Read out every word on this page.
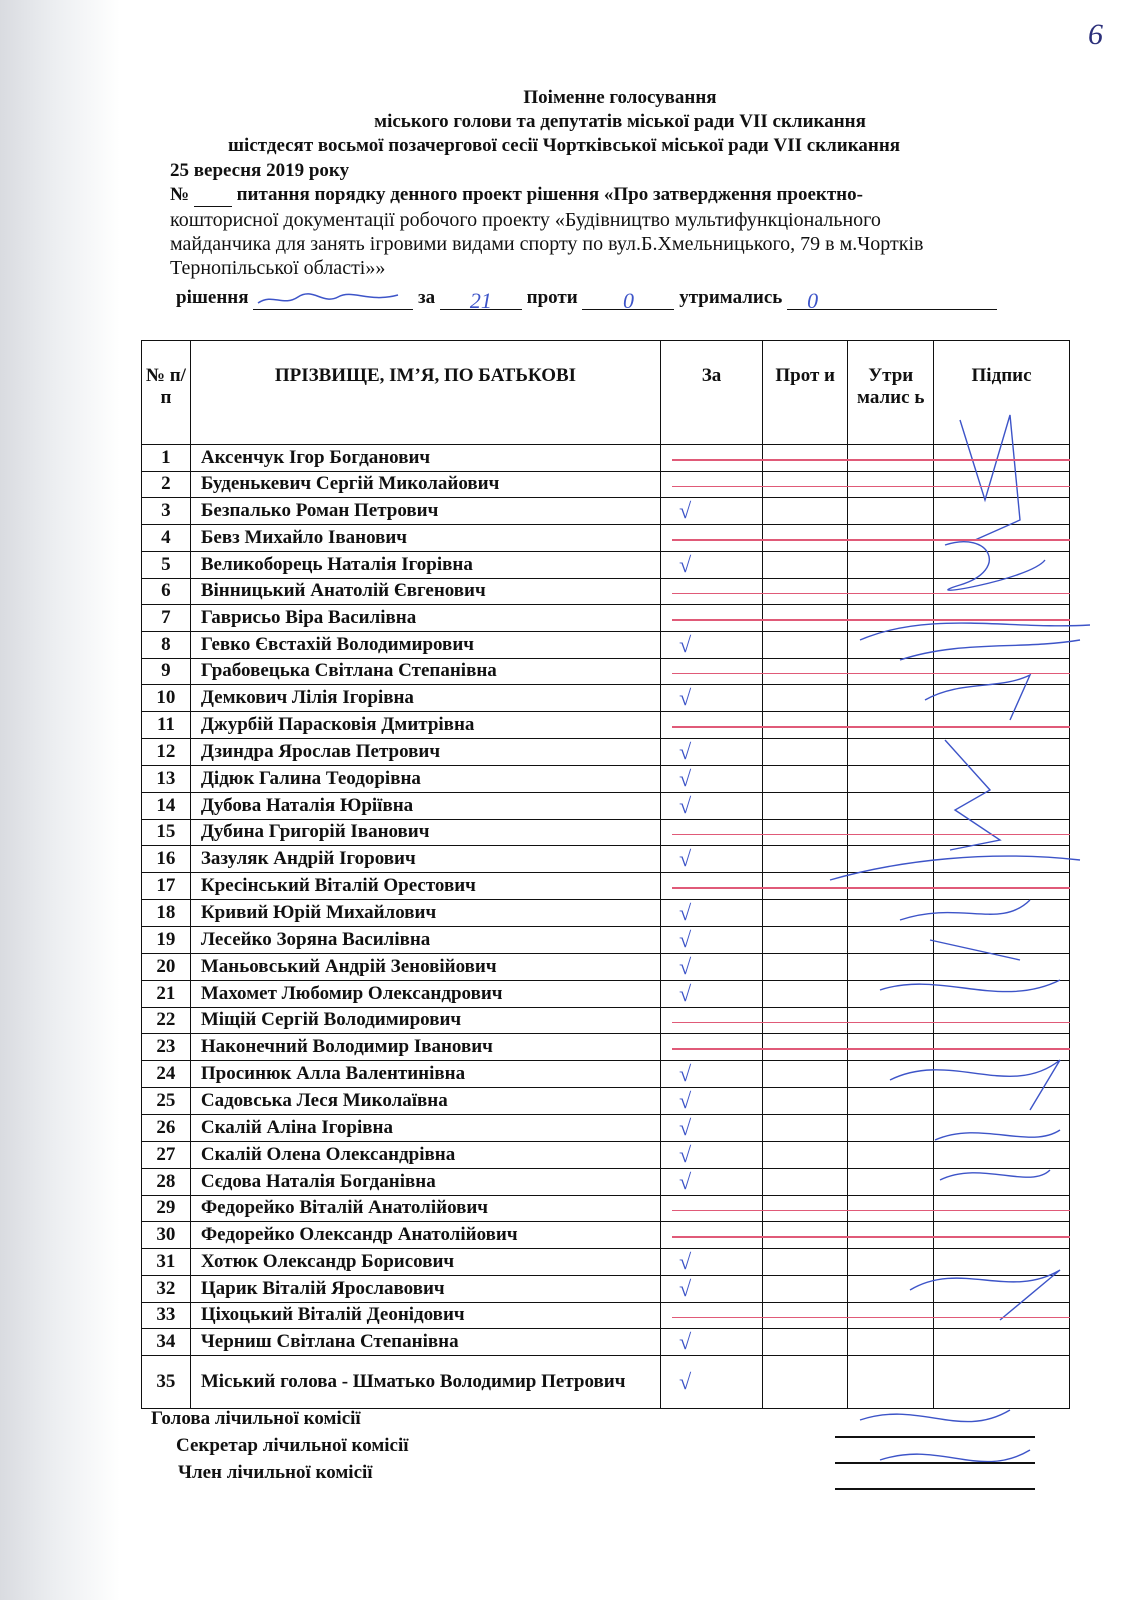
6
Поіменне голосування
міського голови та депутатів міської ради VII скликання
шістдесят восьмої позачергової сесії Чортківської міської ради VII скликання
25 вересня 2019 року
№	питання порядку денного проект рішення «Про затвердження проектно-
кошторисної документації робочого проекту «Будівництво мультифункціонального
майданчика для занять ігровими видами спорту по вул.Б.Хмельницького, 79 в м.Чортків
Тернопільської області»»
рішення	за 21 проти 0 утримались 0
№ п/п	ПРІЗВИЩЕ, ІМ’Я, ПО БАТЬКОВІ	За	Прот и	Утри малис ь	Підпис
1	Аксенчук Ігор Богданович				
2	Буденькевич Сергій Миколайович				
3	Безпалько Роман Петрович	√			
4	Бевз Михайло Іванович				
5	Великоборець Наталія Ігорівна	√			
6	Вінницький Анатолій Євгенович				
7	Гаврисьо Віра Василівна				
8	Гевко Євстахій Володимирович	√			
9	Грабовецька Світлана Степанівна				
10	Демкович Лілія Ігорівна	√			
11	Джурбій Парасковія Дмитрівна				
12	Дзиндра Ярослав Петрович	√			
13	Дідюк Галина Теодорівна	√			
14	Дубова Наталія Юріївна	√			
15	Дубина Григорій Іванович				
16	Зазуляк Андрій Ігорович	√			
17	Кресінський Віталій Орестович				
18	Кривий Юрій Михайлович	√			
19	Лесейко Зоряна Василівна	√			
20	Маньовський Андрій Зеновійович	√			
21	Махомет Любомир Олександрович	√			
22	Міщій Сергій Володимирович				
23	Наконечний Володимир Іванович				
24	Просинюк Алла Валентинівна	√			
25	Садовська Леся Миколаївна	√			
26	Скалій Аліна Ігорівна	√			
27	Скалій Олена Олександрівна	√			
28	Сєдова Наталія Богданівна	√			
29	Федорейко Віталій Анатолійович				
30	Федорейко Олександр Анатолійович				
31	Хотюк Олександр Борисович	√			
32	Царик Віталій Ярославович	√			
33	Ціхоцький Віталій Деонідович				
34	Черниш Світлана Степанівна	√			
35	Міський голова - Шматько Володимир Петрович	√			
Голова лічильної комісії
Секретар лічильної комісії
Член лічильної комісії
